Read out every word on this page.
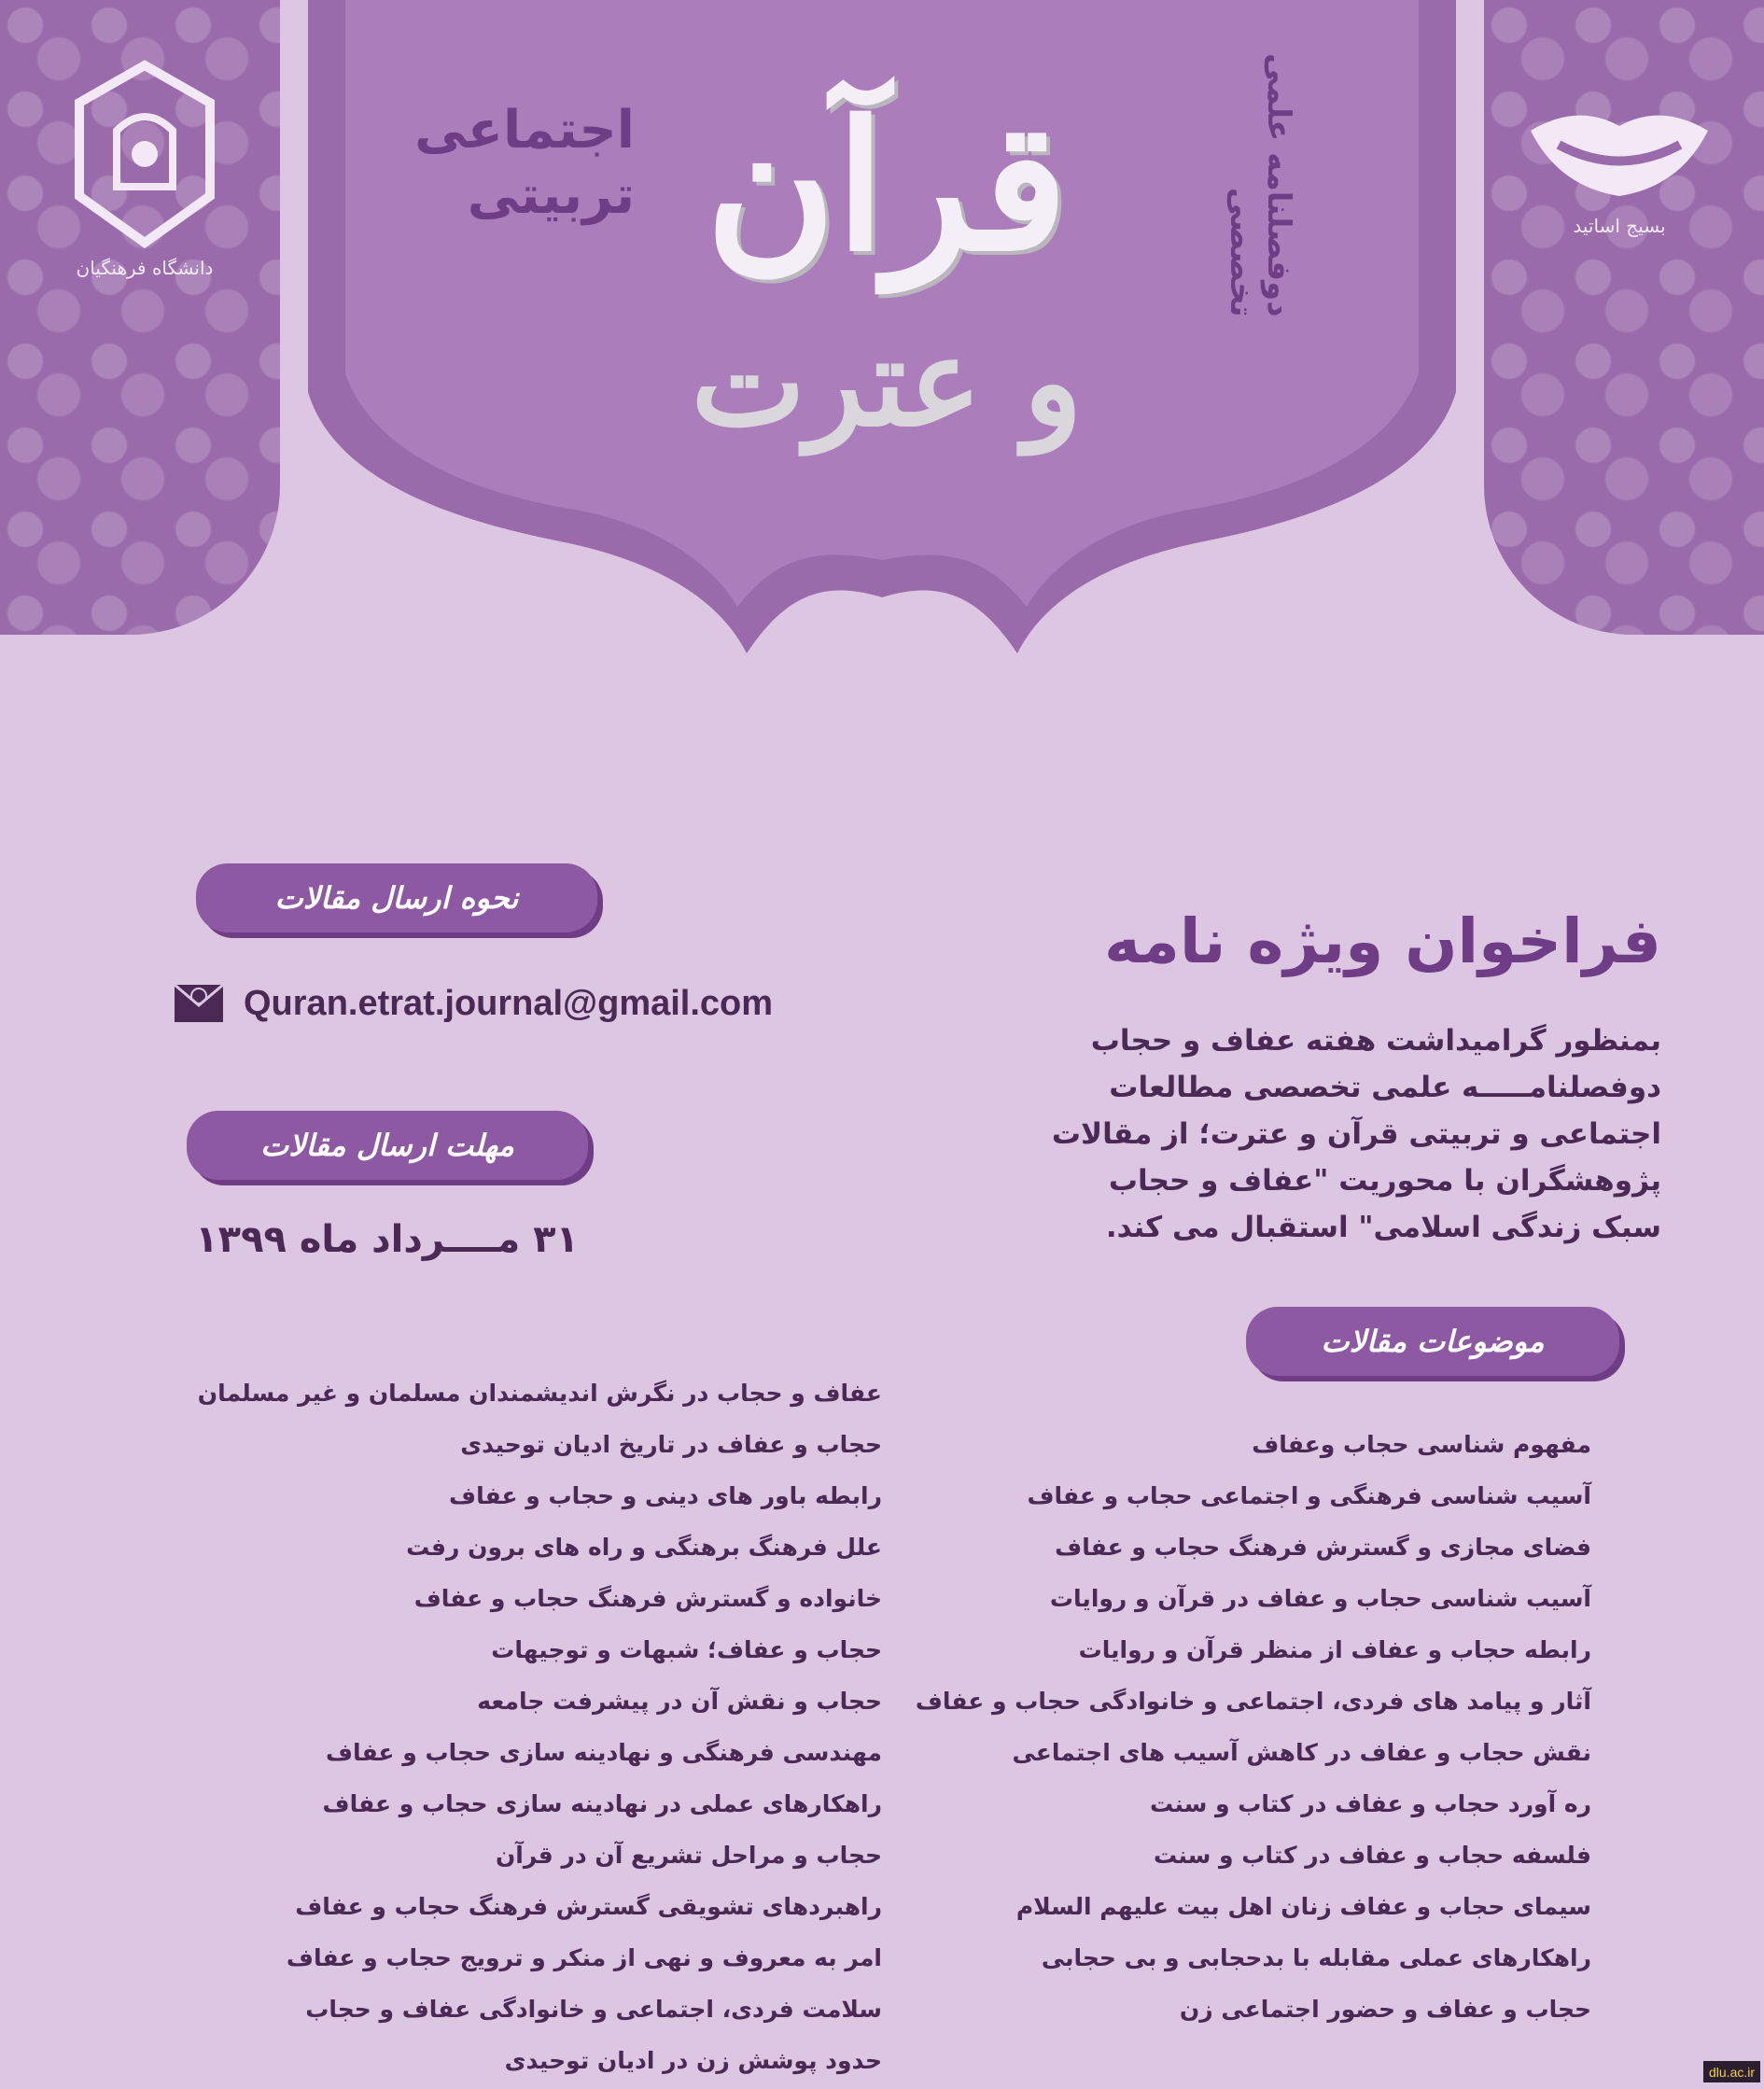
دانشگاه فرهنگیان
بسیج اساتید
اجتماعی
تربیتی	دوفصلنامه علمی تخصصی
قرآن
و عترت
نحوه ارسال مقالات
Quran.etrat.journal@gmail.com
مهلت ارسال مقالات
۳۱ مــــرداد ماه ۱۳۹۹
فراخوان ویژه نامه
بمنظور گرامیداشت هفته عفاف و حجاب
دوفصلنامـــــه علمی تخصصی مطالعات
اجتماعی و تربیتی قرآن و عترت؛ از مقالات
پژوهشگران با محوریت "عفاف و حجاب
سبک زندگی اسلامی" استقبال می کند.
موضوعات مقالات
مفهوم شناسی حجاب وعفاف
آسیب شناسی فرهنگی و اجتماعی حجاب و عفاف
فضای مجازی و گسترش فرهنگ حجاب و عفاف
آسیب شناسی حجاب و عفاف در قرآن و روایات
رابطه حجاب و عفاف از منظر قرآن و روایات
آثار و پیامد های فردی، اجتماعی و خانوادگی حجاب و عفاف
نقش حجاب و عفاف در کاهش آسیب های اجتماعی
ره آورد حجاب و عفاف در کتاب و سنت
فلسفه حجاب و عفاف در کتاب و سنت
سیمای حجاب و عفاف زنان اهل بیت علیهم السلام
راهکارهای عملی مقابله با بدحجابی و بی حجابی
حجاب و عفاف و حضور اجتماعی زن
عفاف و حجاب در نگرش اندیشمندان مسلمان و غیر مسلمان
حجاب و عفاف در تاریخ ادیان توحیدی
رابطه باور های دینی و حجاب و عفاف
علل فرهنگ برهنگی و راه های برون رفت
خانواده و گسترش فرهنگ حجاب و عفاف
حجاب و عفاف؛ شبهات و توجیهات
حجاب و نقش آن در پیشرفت جامعه
مهندسی فرهنگی و نهادینه سازی حجاب و عفاف
راهکارهای عملی در نهادینه سازی حجاب و عفاف
حجاب و مراحل تشریع آن در قرآن
راهبردهای تشویقی گسترش فرهنگ حجاب و عفاف
امر به معروف و نهی از منکر و ترویج حجاب و عفاف
سلامت فردی، اجتماعی و خانوادگی عفاف و حجاب
حدود پوشش زن در ادیان توحیدی	dlu.ac.ir
